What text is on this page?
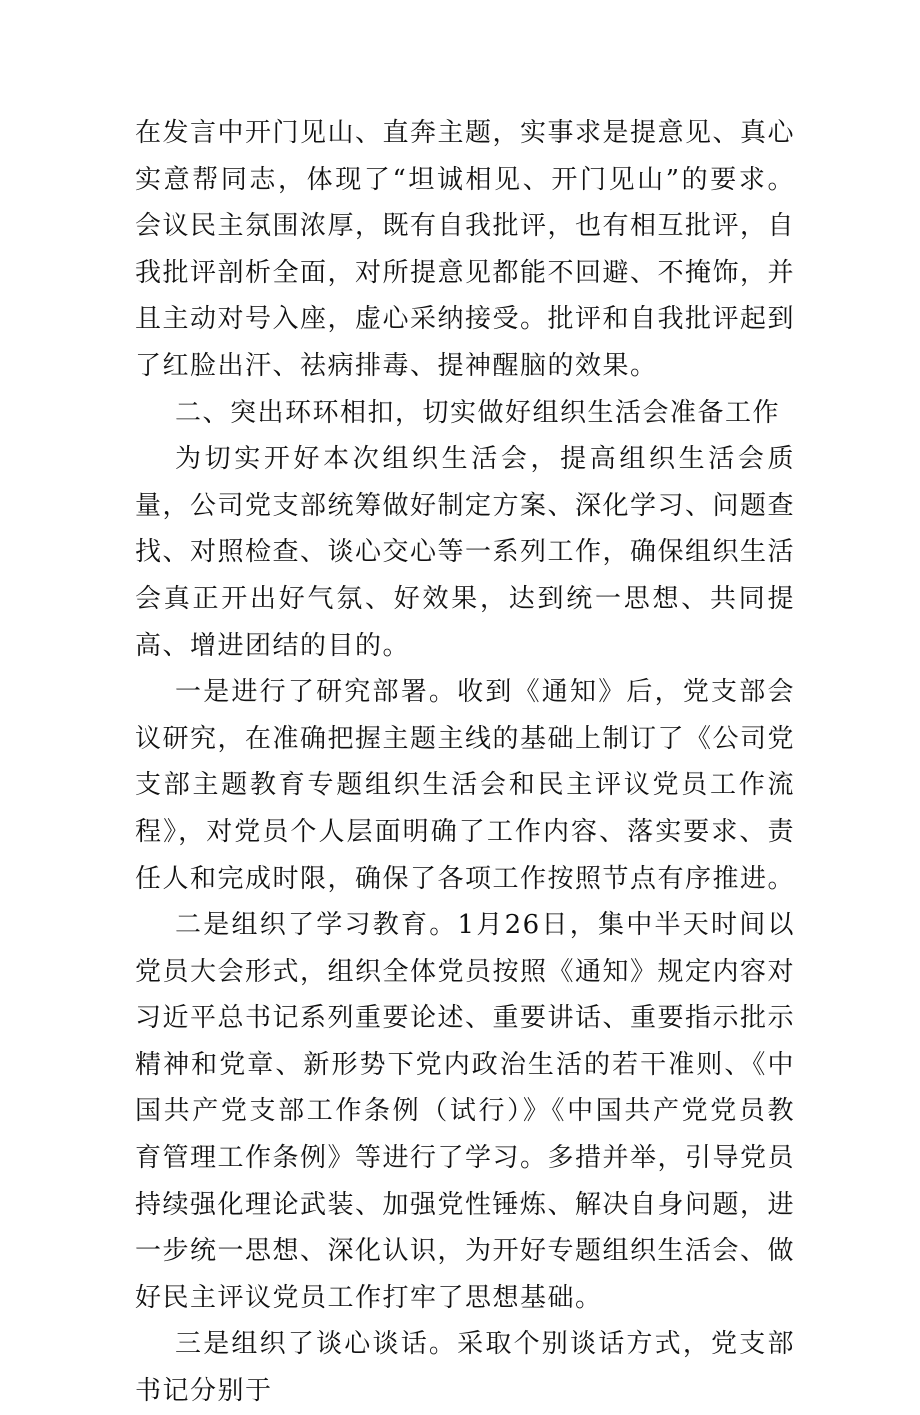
在发言中开门见山、直奔主题，实事求是提意见、真心实意帮同志，体现了“坦诚相见、开门见山”的要求。会议民主氛围浓厚，既有自我批评，也有相互批评，自我批评剖析全面，对所提意见都能不回避、不掩饰，并且主动对号入座，虚心采纳接受。批评和自我批评起到了红脸出汗、祛病排毒、提神醒脑的效果。

二、突出环环相扣，切实做好组织生活会准备工作

为切实开好本次组织生活会，提高组织生活会质量，公司党支部统筹做好制定方案、深化学习、问题查找、对照检查、谈心交心等一系列工作，确保组织生活会真正开出好气氛、好效果，达到统一思想、共同提高、增进团结的目的。

一是进行了研究部署。收到《通知》后，党支部会议研究，在准确把握主题主线的基础上制订了《公司党支部主题教育专题组织生活会和民主评议党员工作流程》，对党员个人层面明确了工作内容、落实要求、责任人和完成时限，确保了各项工作按照节点有序推进。

二是组织了学习教育。1月26日，集中半天时间以党员大会形式，组织全体党员按照《通知》规定内容对习近平总书记系列重要论述、重要讲话、重要指示批示精神和党章、新形势下党内政治生活的若干准则、《中国共产党支部工作条例（试行）》《中国共产党党员教育管理工作条例》等进行了学习。多措并举，引导党员持续强化理论武装、加强党性锤炼、解决自身问题，进一步统一思想、深化认识，为开好专题组织生活会、做好民主评议党员工作打牢了思想基础。

三是组织了谈心谈话。采取个别谈话方式，党支部书记分别于
